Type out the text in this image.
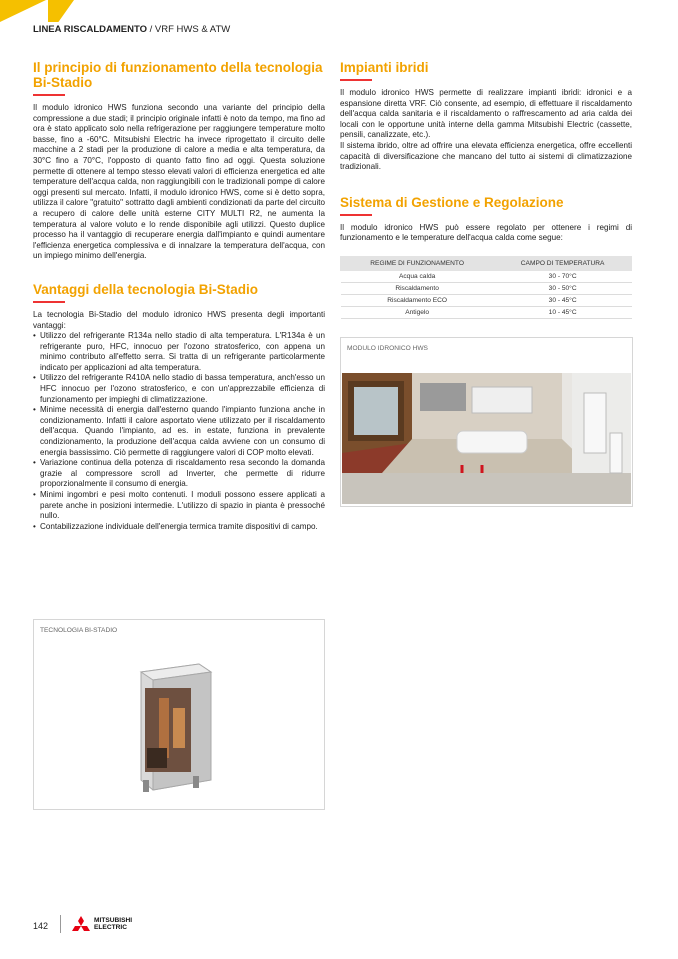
LINEA RISCALDAMENTO / VRF HWS & ATW
Il principio di funzionamento della tecnologia Bi-Stadio

Il modulo idronico HWS funziona secondo una variante del principio della compressione a due stadi; il principio originale infatti è noto da tempo, ma fino ad ora è stato applicato solo nella refrigerazione per raggiungere temperature molto basse, fino a -60°C. Mitsubishi Electric ha invece riprogettato il circuito delle macchine a 2 stadi per la produzione di calore a media e alta temperatura, da 30°C fino a 70°C, l'opposto di quanto fatto fino ad oggi. Questa soluzione permette di ottenere al tempo stesso elevati valori di efficienza energetica ed alte temperature dell'acqua calda, non raggiungibili con le tradizionali pompe di calore oggi presenti sul mercato. Infatti, il modulo idronico HWS, come si è detto sopra, utilizza il calore "gratuito" sottratto dagli ambienti condizionati da parte del circuito a recupero di calore delle unità esterne CITY MULTI R2, ne aumenta la temperatura al valore voluto e lo rende disponibile agli utilizzi. Questo duplice processo ha il vantaggio di recuperare energia dall'impianto e quindi aumentare l'efficienza energetica complessiva e di innalzare la temperatura dell'acqua, con un impiego minimo dell'energia.

Vantaggi della tecnologia Bi-Stadio

La tecnologia Bi-Stadio del modulo idronico HWS presenta degli importanti vantaggi:

• Utilizzo del refrigerante R134a nello stadio di alta temperatura. L'R134a è un refrigerante puro, HFC, innocuo per l'ozono stratosferico, con appena un minimo contributo all'effetto serra. Si tratta di un refrigerante particolarmente indicato per applicazioni ad alta temperatura.
• Utilizzo del refrigerante R410A nello stadio di bassa temperatura, anch'esso un HFC innocuo per l'ozono stratosferico, e con un'apprezzabile efficienza di funzionamento per impieghi di climatizzazione.
• Minime necessità di energia dall'esterno quando l'impianto funziona anche in condizionamento. Infatti il calore asportato viene utilizzato per il riscaldamento dell'acqua. Quando l'impianto, ad es. in estate, funziona in prevalente condizionamento, la produzione dell'acqua calda avviene con un consumo di energia bassissimo. Ciò permette di raggiungere valori di COP molto elevati.
• Variazione continua della potenza di riscaldamento resa secondo la domanda grazie al compressore scroll ad Inverter, che permette di ridurre proporzionalmente il consumo di energia.
• Minimi ingombri e pesi molto contenuti. I moduli possono essere applicati a parete anche in posizioni intermedie. L'utilizzo di spazio in pianta è pressoché nullo.
• Contabilizzazione individuale dell'energia termica tramite dispositivi di campo.
TECNOLOGIA BI-STADIO
Impianti ibridi

Il modulo idronico HWS permette di realizzare impianti ibridi: idronici e a espansione diretta VRF. Ciò consente, ad esempio, di effettuare il riscaldamento dell'acqua calda sanitaria e il riscaldamento o raffrescamento ad aria calda dei locali con le opportune unità interne della gamma Mitsubishi Electric (cassette, pensili, canalizzate, etc.).

Il sistema ibrido, oltre ad offrire una elevata efficienza energetica, offre eccellenti capacità di diversificazione che mancano del tutto ai sistemi di climatizzazione tradizionali.

Sistema di Gestione e Regolazione

Il modulo idronico HWS può essere regolato per ottenere i regimi di funzionamento e le temperature dell'acqua calda come segue:

REGIME DI FUNZIONAMENTO	CAMPO DI TEMPERATURA
Acqua calda	30 - 70°C
Riscaldamento	30 - 50°C
Riscaldamento ECO	30 - 45°C
Antigelo	10 - 45°C
MODULO IDRONICO HWS
142
MITSUBISHI
ELECTRIC
